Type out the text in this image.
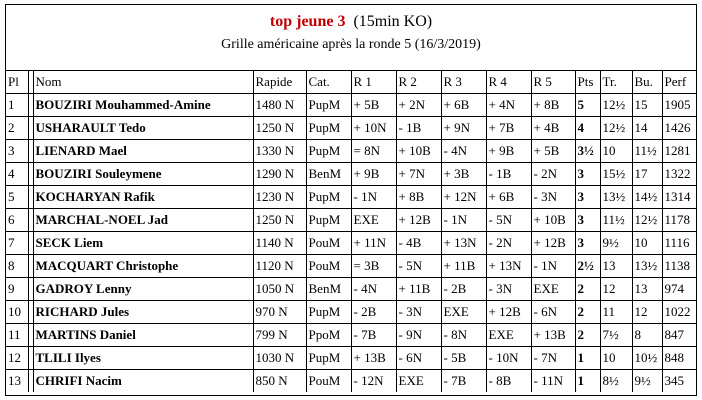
top jeune 3 (15min KO)
Grille américaine après la ronde 5 (16/3/2019)
Pl		Nom	Rapide	Cat.	R 1	R 2	R 3	R 4	R 5	Pts	Tr.	Bu.	Perf
1		BOUZIRI Mouhammed-Amine	1480 N	PupM	+ 5B	+ 2N	+ 6B	+ 4N	+ 8B	5	12½	15	1905
2		USHARAULT Tedo	1250 N	PupM	+ 10N	- 1B	+ 9N	+ 7B	+ 4B	4	12½	14	1426
3		LIENARD Mael	1330 N	PupM	= 8N	+ 10B	- 4N	+ 9B	+ 5B	3½	10	11½	1281
4		BOUZIRI Souleymene	1290 N	BenM	+ 9B	+ 7N	+ 3B	- 1B	- 2N	3	15½	17	1322
5		KOCHARYAN Rafik	1230 N	PupM	- 1N	+ 8B	+ 12N	+ 6B	- 3N	3	13½	14½	1314
6		MARCHAL-NOEL Jad	1250 N	PupM	EXE	+ 12B	- 1N	- 5N	+ 10B	3	11½	12½	1178
7		SECK Liem	1140 N	PouM	+ 11N	- 4B	+ 13N	- 2N	+ 12B	3	9½	10	1116
8		MACQUART Christophe	1120 N	PouM	= 3B	- 5N	+ 11B	+ 13N	- 1N	2½	13	13½	1138
9		GADROY Lenny	1050 N	BenM	- 4N	+ 11B	- 2B	- 3N	EXE	2	12	13	974
10		RICHARD Jules	970 N	PupM	- 2B	- 3N	EXE	+ 12B	- 6N	2	11	12	1022
11		MARTINS Daniel	799 N	PpoM	- 7B	- 9N	- 8N	EXE	+ 13B	2	7½	8	847
12		TLILI Ilyes	1030 N	PupM	+ 13B	- 6N	- 5B	- 10N	- 7N	1	10	10½	848
13		CHRIFI Nacim	850 N	PouM	- 12N	EXE	- 7B	- 8B	- 11N	1	8½	9½	345
